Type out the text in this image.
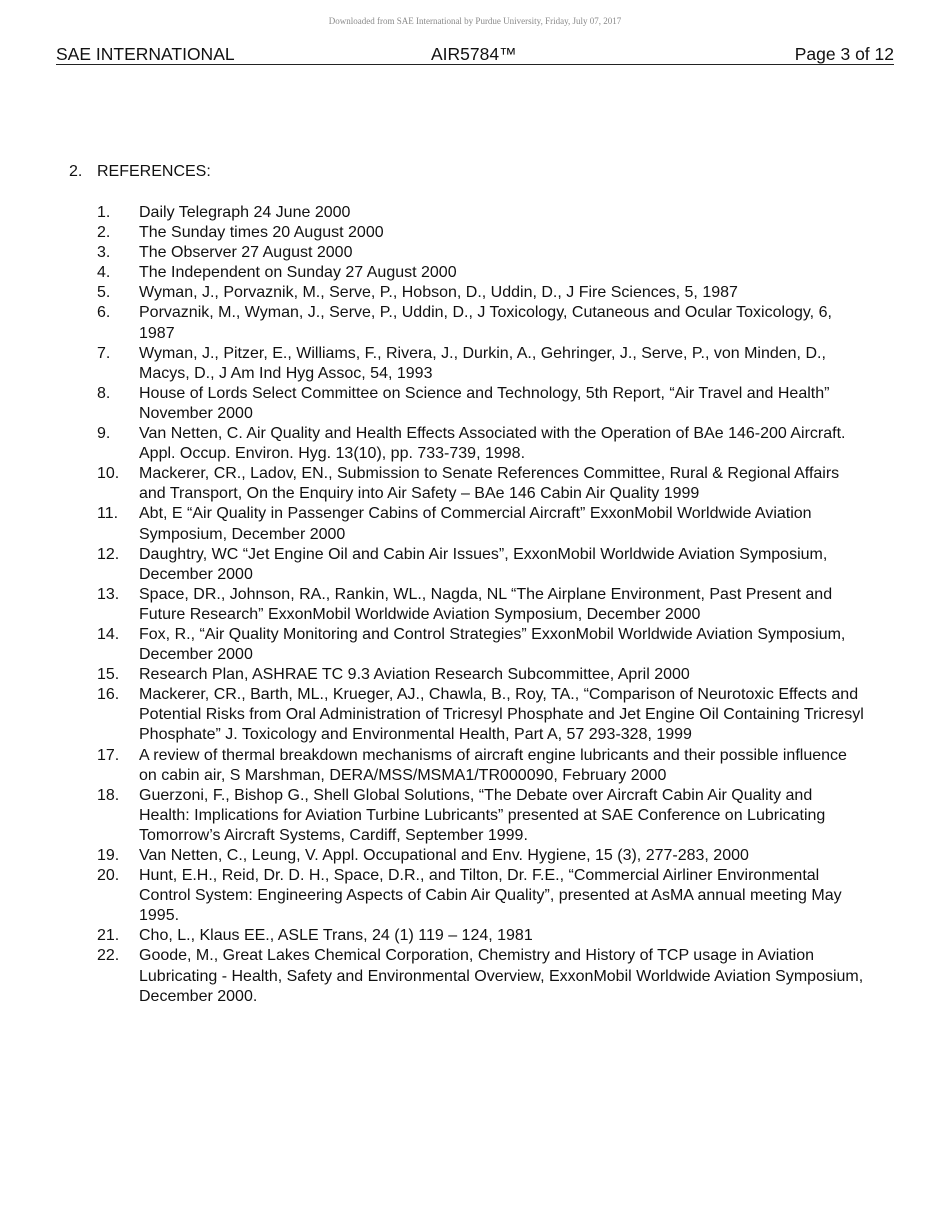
Downloaded from SAE International by Purdue University, Friday, July 07, 2017
SAE INTERNATIONAL	AIR5784™	Page 3 of 12
2. REFERENCES:
1. Daily Telegraph 24 June 2000
2. The Sunday times 20 August 2000
3. The Observer 27 August 2000
4. The Independent on Sunday 27 August 2000
5. Wyman, J., Porvaznik, M., Serve, P., Hobson, D., Uddin, D., J Fire Sciences, 5, 1987
6. Porvaznik, M., Wyman, J., Serve, P., Uddin, D., J Toxicology, Cutaneous and Ocular Toxicology, 6, 1987
7. Wyman, J., Pitzer, E., Williams, F., Rivera, J., Durkin, A., Gehringer, J., Serve, P., von Minden, D., Macys, D., J Am Ind Hyg Assoc, 54, 1993
8. House of Lords Select Committee on Science and Technology, 5th Report, “Air Travel and Health” November 2000
9. Van Netten, C. Air Quality and Health Effects Associated with the Operation of BAe 146-200 Aircraft. Appl. Occup. Environ. Hyg. 13(10), pp. 733-739, 1998.
10. Mackerer, CR., Ladov, EN., Submission to Senate References Committee, Rural & Regional Affairs and Transport, On the Enquiry into Air Safety – BAe 146 Cabin Air Quality 1999
11. Abt, E “Air Quality in Passenger Cabins of Commercial Aircraft” ExxonMobil Worldwide Aviation Symposium, December 2000
12. Daughtry, WC “Jet Engine Oil and Cabin Air Issues”, ExxonMobil Worldwide Aviation Symposium, December 2000
13. Space, DR., Johnson, RA., Rankin, WL., Nagda, NL “The Airplane Environment, Past Present and Future Research” ExxonMobil Worldwide Aviation Symposium, December 2000
14. Fox, R., “Air Quality Monitoring and Control Strategies” ExxonMobil Worldwide Aviation Symposium, December 2000
15. Research Plan, ASHRAE TC 9.3 Aviation Research Subcommittee, April 2000
16. Mackerer, CR., Barth, ML., Krueger, AJ., Chawla, B., Roy, TA., “Comparison of Neurotoxic Effects and Potential Risks from Oral Administration of Tricresyl Phosphate and Jet Engine Oil Containing Tricresyl Phosphate” J. Toxicology and Environmental Health, Part A, 57 293-328, 1999
17. A review of thermal breakdown mechanisms of aircraft engine lubricants and their possible influence on cabin air, S Marshman, DERA/MSS/MSMA1/TR000090, February 2000
18. Guerzoni, F., Bishop G., Shell Global Solutions, “The Debate over Aircraft Cabin Air Quality and Health: Implications for Aviation Turbine Lubricants” presented at SAE Conference on Lubricating Tomorrow’s Aircraft Systems, Cardiff, September 1999.
19. Van Netten, C., Leung, V. Appl. Occupational and Env. Hygiene, 15 (3), 277-283, 2000
20. Hunt, E.H., Reid, Dr. D. H., Space, D.R., and Tilton, Dr. F.E., “Commercial Airliner Environmental Control System: Engineering Aspects of Cabin Air Quality”, presented at AsMA annual meeting May 1995.
21. Cho, L., Klaus EE., ASLE Trans, 24 (1) 119 – 124, 1981
22. Goode, M., Great Lakes Chemical Corporation, Chemistry and History of TCP usage in Aviation Lubricating - Health, Safety and Environmental Overview, ExxonMobil Worldwide Aviation Symposium, December 2000.
